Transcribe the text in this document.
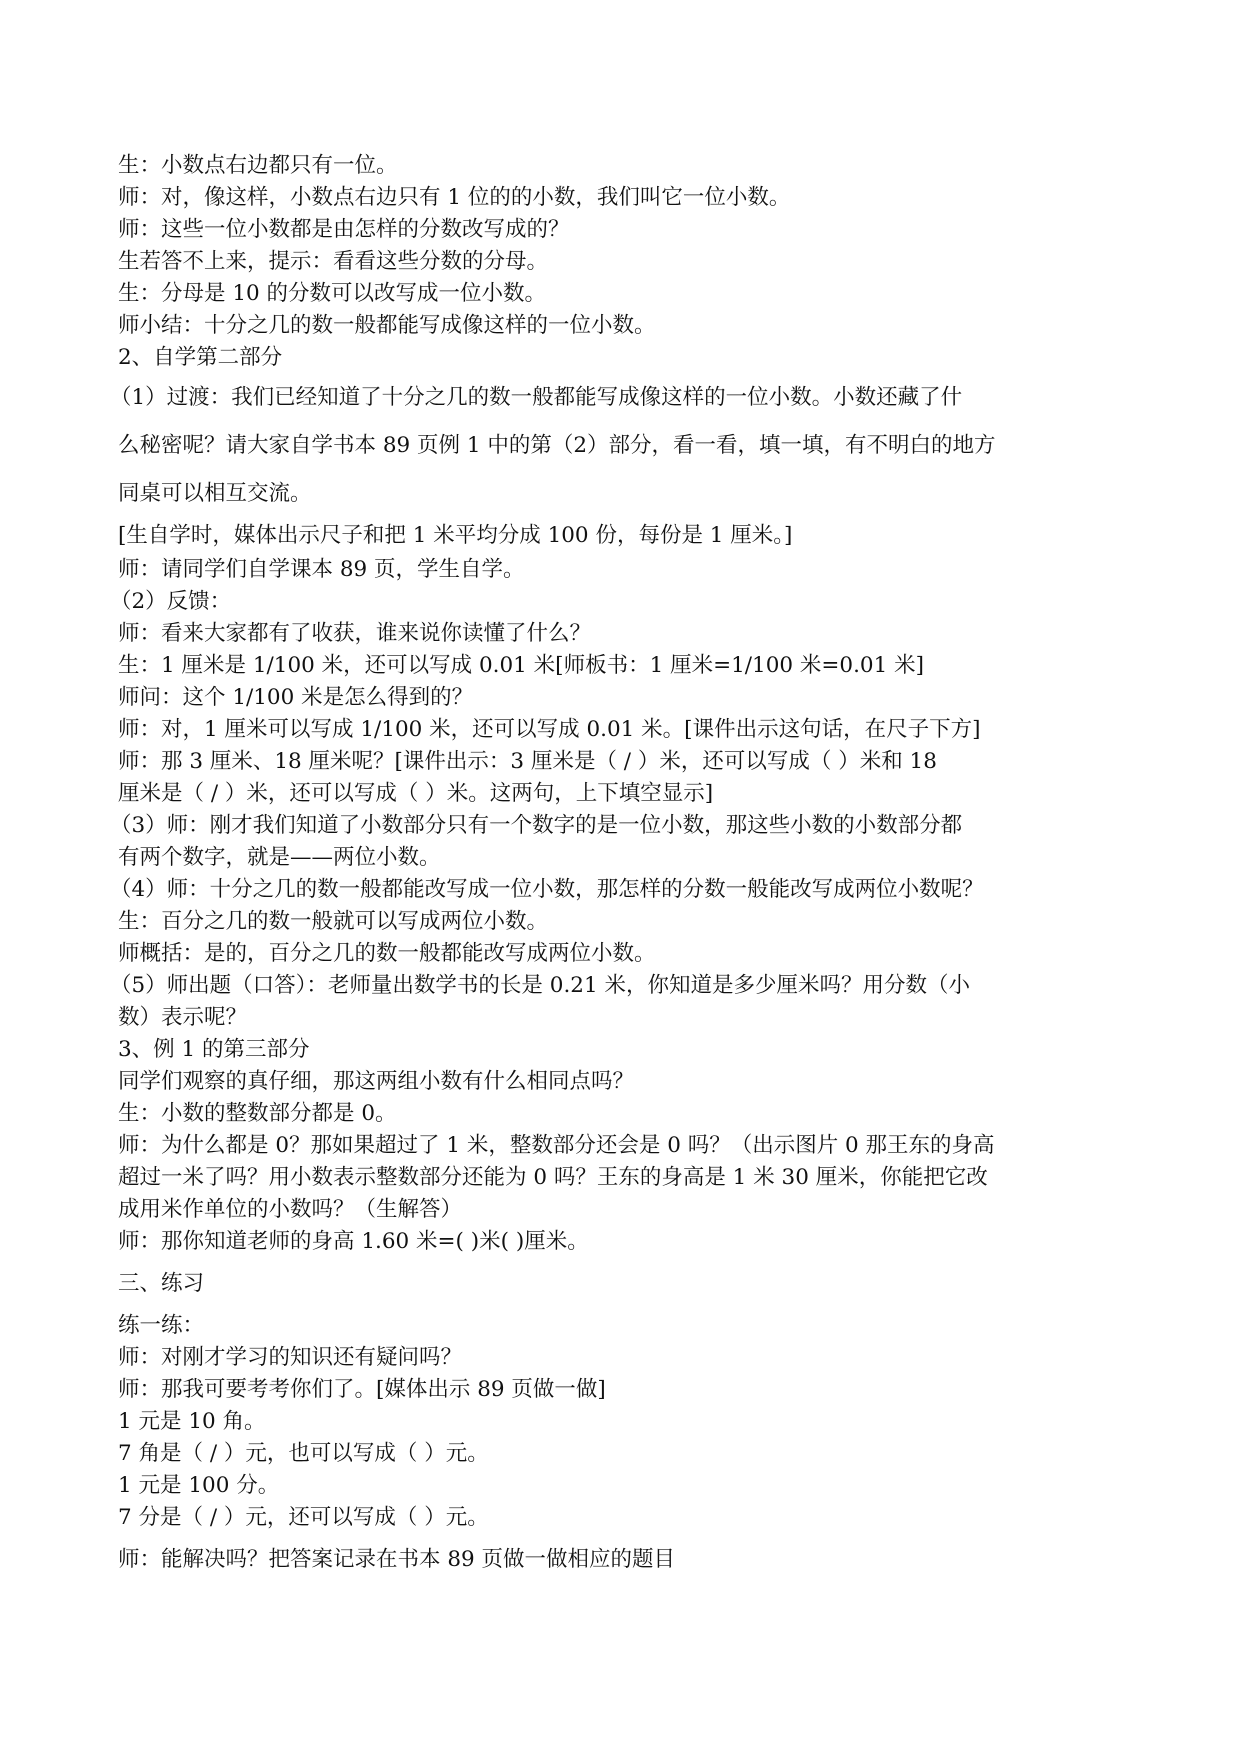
生：小数点右边都只有一位。
师：对，像这样，小数点右边只有 1 位的的小数，我们叫它一位小数。
师：这些一位小数都是由怎样的分数改写成的？
生若答不上来，提示：看看这些分数的分母。
生：分母是 10 的分数可以改写成一位小数。
师小结：十分之几的数一般都能写成像这样的一位小数。
2、自学第二部分
（1）过渡：我们已经知道了十分之几的数一般都能写成像这样的一位小数。小数还藏了什
么秘密呢？请大家自学书本 89 页例 1 中的第（2）部分，看一看，填一填，有不明白的地方
同桌可以相互交流。
[生自学时，媒体出示尺子和把 1 米平均分成 100 份，每份是 1 厘米。]
师：请同学们自学课本 89 页，学生自学。
（2）反馈：
师：看来大家都有了收获，谁来说你读懂了什么？
生：1 厘米是 1/100 米，还可以写成 0.01 米[师板书：1 厘米=1/100 米=0.01 米]
师问：这个 1/100 米是怎么得到的？
师：对，1 厘米可以写成 1/100 米，还可以写成 0.01 米。[课件出示这句话，在尺子下方]
师：那 3 厘米、18 厘米呢？[课件出示：3 厘米是（ / ）米，还可以写成（ ）米和 18
厘米是（ / ）米，还可以写成（ ）米。这两句，上下填空显示]
（3）师：刚才我们知道了小数部分只有一个数字的是一位小数，那这些小数的小数部分都
有两个数字，就是——两位小数。
（4）师：十分之几的数一般都能改写成一位小数，那怎样的分数一般能改写成两位小数呢？
生：百分之几的数一般就可以写成两位小数。
师概括：是的，百分之几的数一般都能改写成两位小数。
（5）师出题（口答）：老师量出数学书的长是 0.21 米，你知道是多少厘米吗？用分数（小
数）表示呢？
3、例 1 的第三部分
同学们观察的真仔细，那这两组小数有什么相同点吗？
生：小数的整数部分都是 0。
师：为什么都是 0？那如果超过了 1 米，整数部分还会是 0 吗？（出示图片 0 那王东的身高
超过一米了吗？用小数表示整数部分还能为 0 吗？王东的身高是 1 米 30 厘米，你能把它改
成用米作单位的小数吗？（生解答）
师：那你知道老师的身高 1.60 米=( )米( )厘米。
三、练习
练一练：
师：对刚才学习的知识还有疑问吗？
师：那我可要考考你们了。[媒体出示 89 页做一做]
1 元是 10 角。
7 角是（ / ）元，也可以写成（ ）元。
1 元是 100 分。
7 分是（ / ）元，还可以写成（ ）元。
师：能解决吗？把答案记录在书本 89 页做一做相应的题目
